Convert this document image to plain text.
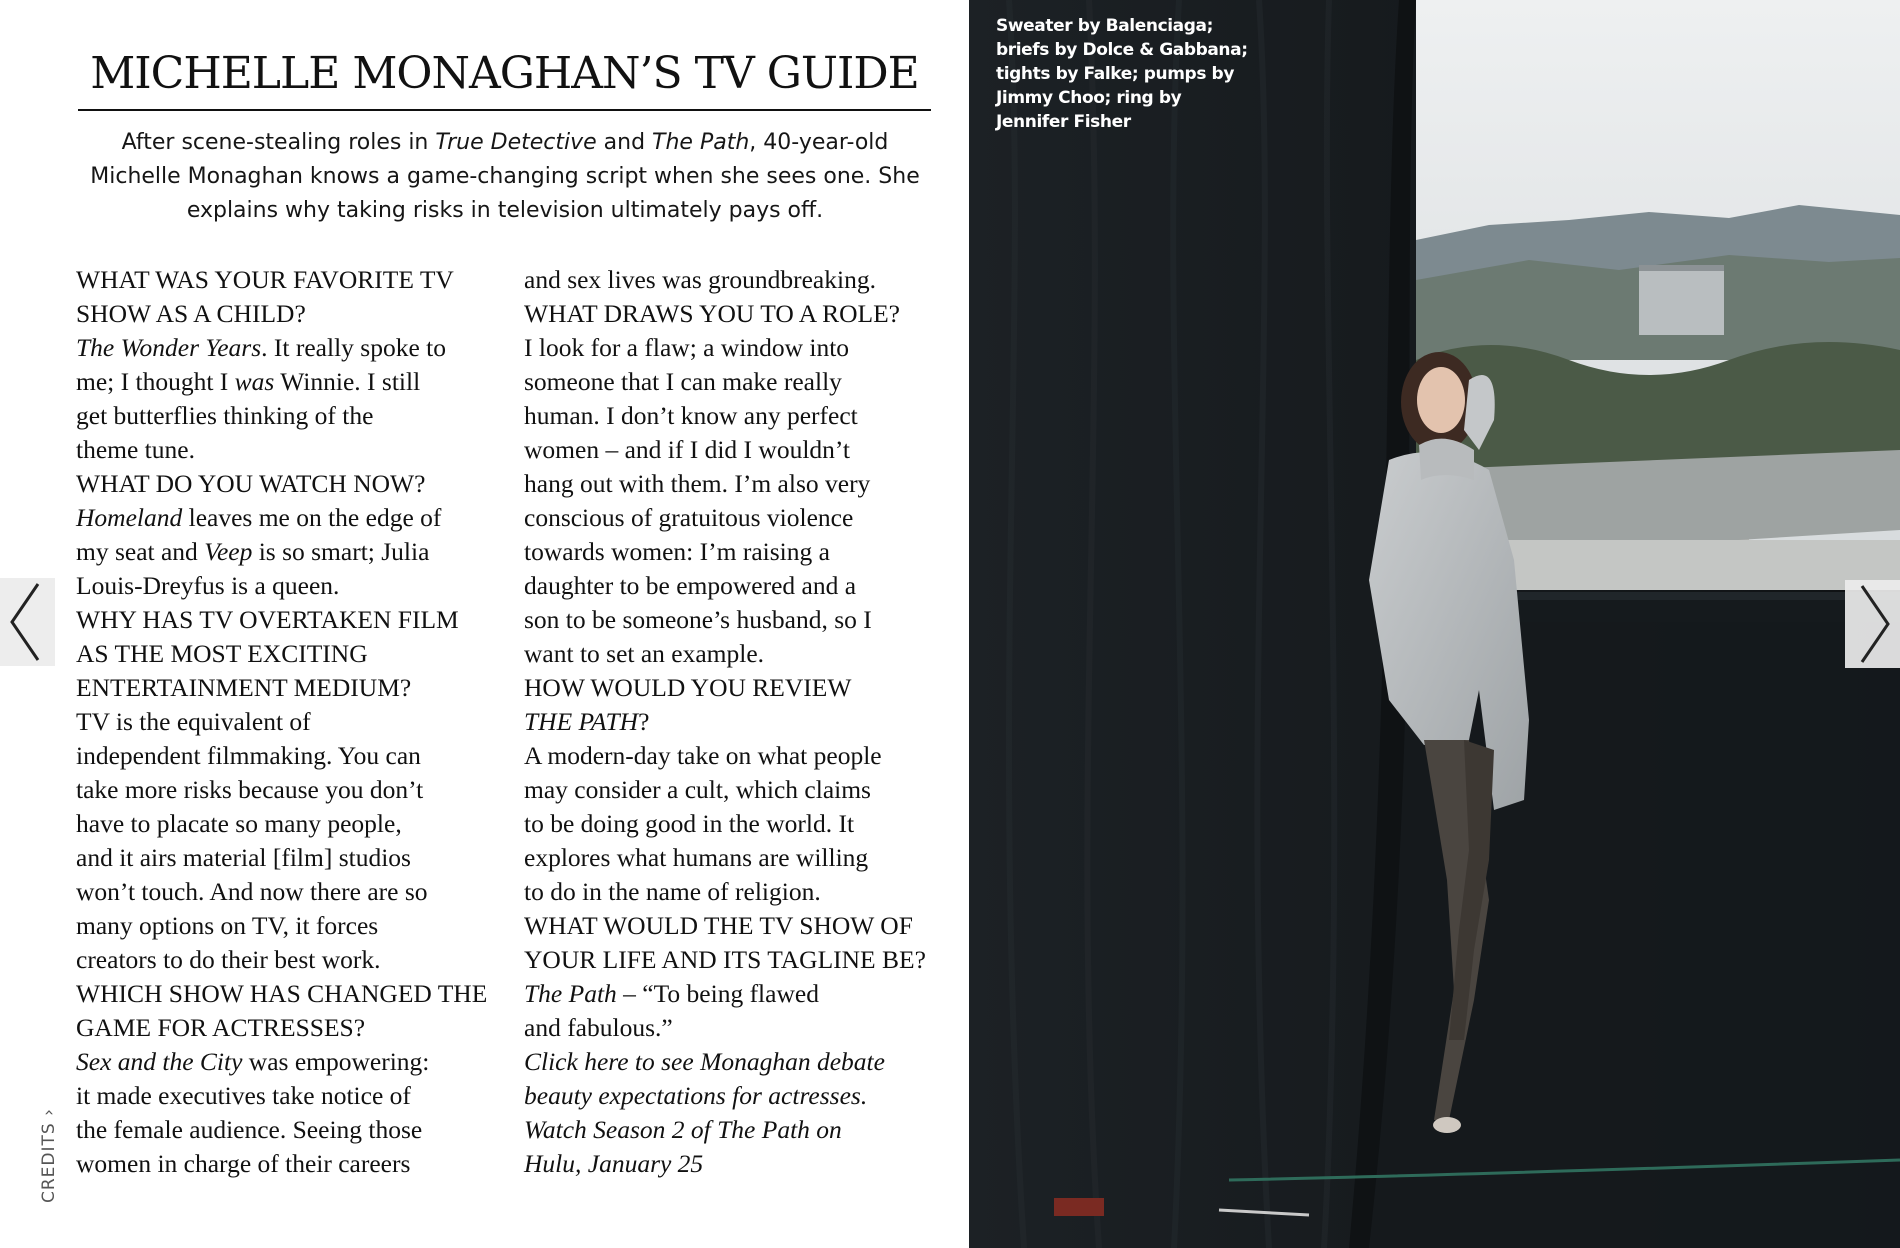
MICHELLE MONAGHAN’S TV GUIDE
After scene-stealing roles in True Detective and The Path, 40-year-old
Michelle Monaghan knows a game-changing script when she sees one. She
explains why taking risks in television ultimately pays off.
WHAT WAS YOUR FAVORITE TV
SHOW AS A CHILD?
The Wonder Years. It really spoke to
me; I thought I was Winnie. I still
get butterflies thinking of the
theme tune.
WHAT DO YOU WATCH NOW?
Homeland leaves me on the edge of
my seat and Veep is so smart; Julia
Louis-Dreyfus is a queen.
WHY HAS TV OVERTAKEN FILM
AS THE MOST EXCITING
ENTERTAINMENT MEDIUM?
TV is the equivalent of
independent filmmaking. You can
take more risks because you don’t
have to placate so many people,
and it airs material [film] studios
won’t touch. And now there are so
many options on TV, it forces
creators to do their best work.
WHICH SHOW HAS CHANGED THE
GAME FOR ACTRESSES?
Sex and the City was empowering:
it made executives take notice of
the female audience. Seeing those
women in charge of their careers
and sex lives was groundbreaking.
WHAT DRAWS YOU TO A ROLE?
I look for a flaw; a window into
someone that I can make really
human. I don’t know any perfect
women – and if I did I wouldn’t
hang out with them. I’m also very
conscious of gratuitous violence
towards women: I’m raising a
daughter to be empowered and a
son to be someone’s husband, so I
want to set an example.
HOW WOULD YOU REVIEW
THE PATH?
A modern-day take on what people
may consider a cult, which claims
to be doing good in the world. It
explores what humans are willing
to do in the name of religion.
WHAT WOULD THE TV SHOW OF
YOUR LIFE AND ITS TAGLINE BE?
The Path – “To being flawed
and fabulous.”
Click here to see Monaghan debate
beauty expectations for actresses.
Watch Season 2 of The Path on
Hulu, January 25
CREDITS ›
Sweater by Balenciaga;
briefs by Dolce & Gabbana;
tights by Falke; pumps by
Jimmy Choo; ring by
Jennifer Fisher
